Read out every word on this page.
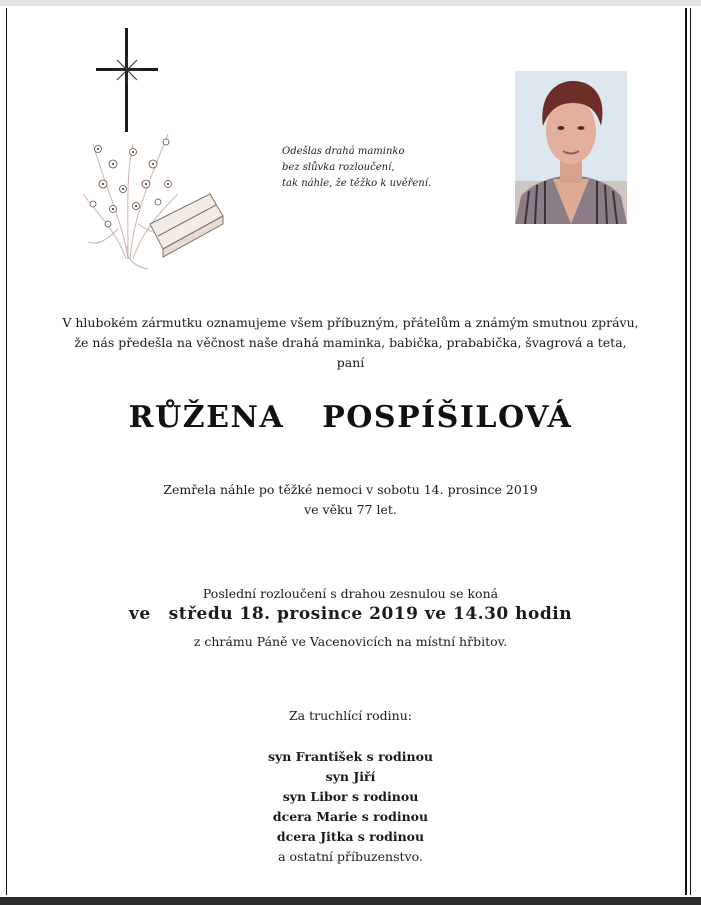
Odešlas drahá maminko
bez slůvka rozloučení,
tak náhle, že těžko k uvěření.
V hlubokém zármutku oznamujeme všem příbuzným, přátelům a známým smutnou zprávu,
že nás předešla na věčnost naše drahá maminka, babička, prababička, švagrová a teta,
paní
RŮŽENA POSPÍŠILOVÁ
Zemřela náhle po těžké nemoci v sobotu 14. prosince 2019
ve věku 77 let.
Poslední rozloučení s drahou zesnulou se koná
ve středu 18. prosince 2019 ve 14.30 hodin
z chrámu Páně ve Vacenovicích na místní hřbitov.
Za truchlící rodinu:
syn František s rodinou
syn Jiří
syn Libor s rodinou
dcera Marie s rodinou
dcera Jitka s rodinou
a ostatní příbuzenstvo.
